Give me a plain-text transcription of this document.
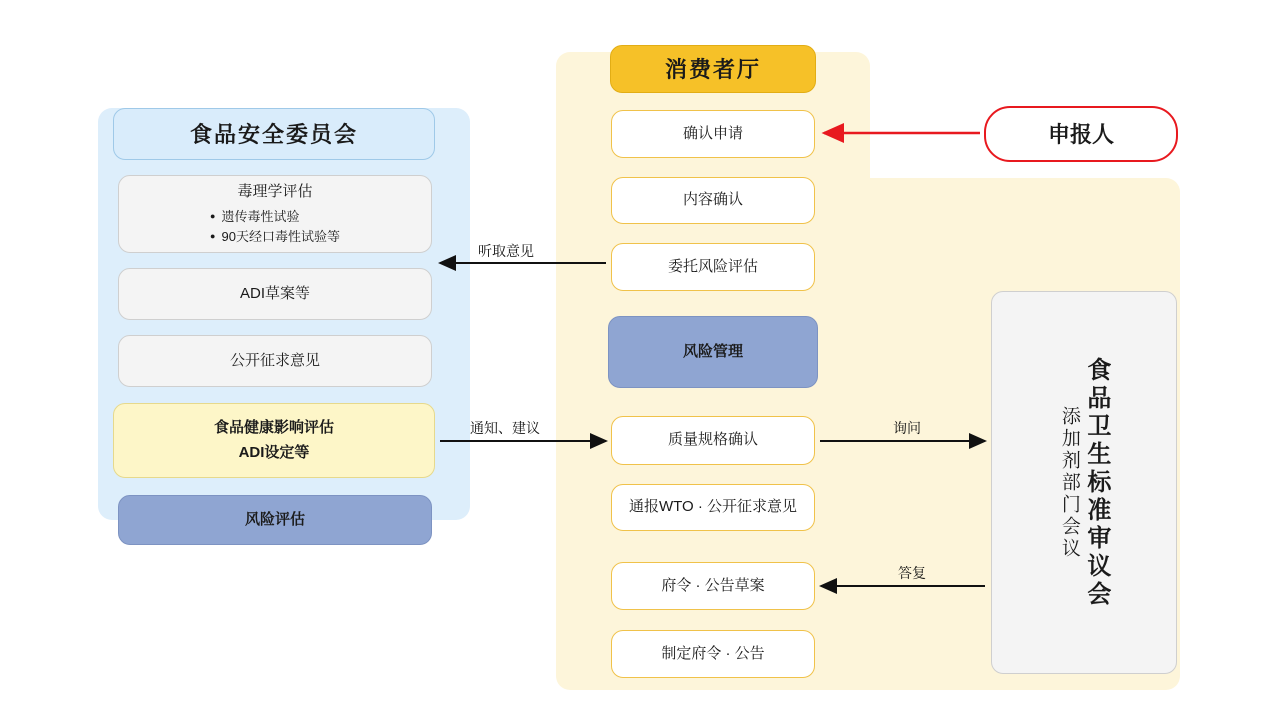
食品安全委员会
毒理学评估
● 遗传毒性试验
● 90天经口毒性试验等
ADI草案等
公开征求意见
食品健康影响评估
ADI设定等
风险评估
消费者厅
确认申请
内容确认
委托风险评估
风险管理
质量规格确认
通报WTO · 公开征求意见
府令 · 公告草案
制定府令 · 公告
申报人
食品卫生标准审议会
添加剂部门会议
听取意见
通知、建议	询问
答复
